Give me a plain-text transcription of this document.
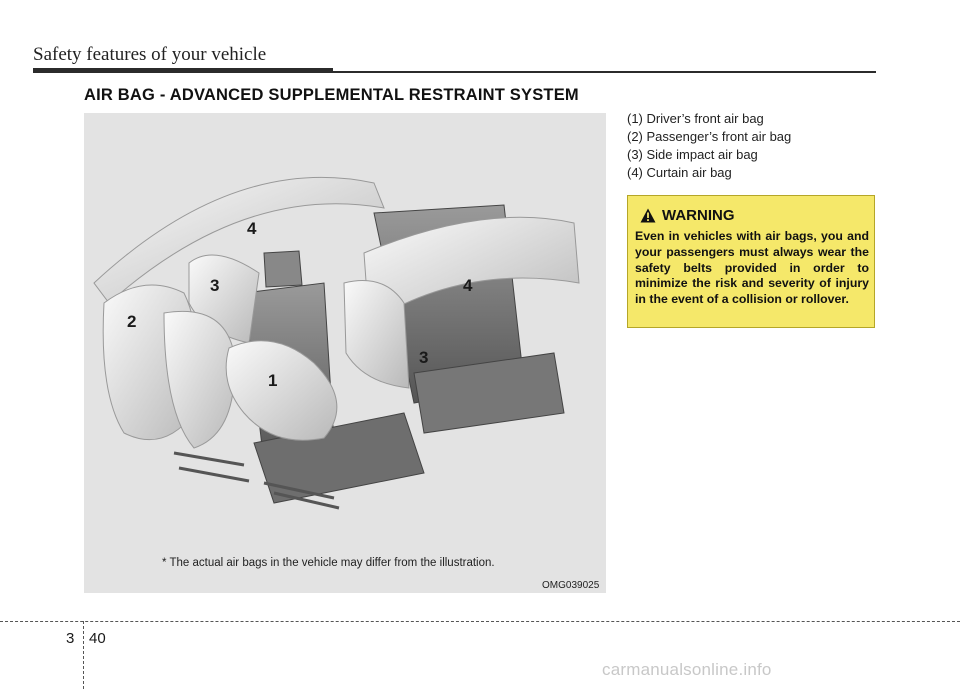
Safety features of your vehicle
AIR BAG - ADVANCED SUPPLEMENTAL RESTRAINT SYSTEM
4
3
2
1
4
3
* The actual air bags in the vehicle may differ from the illustration.
OMG039025
(1) Driver’s front air bag
(2) Passenger’s front air bag
(3) Side impact air bag
(4) Curtain air bag
WARNING
Even in vehicles with air bags, you and your passengers must always wear the safety belts provided in order to minimize the risk and severity of injury in the event of a collision or rollover.
3 40
carmanualsonline.info
